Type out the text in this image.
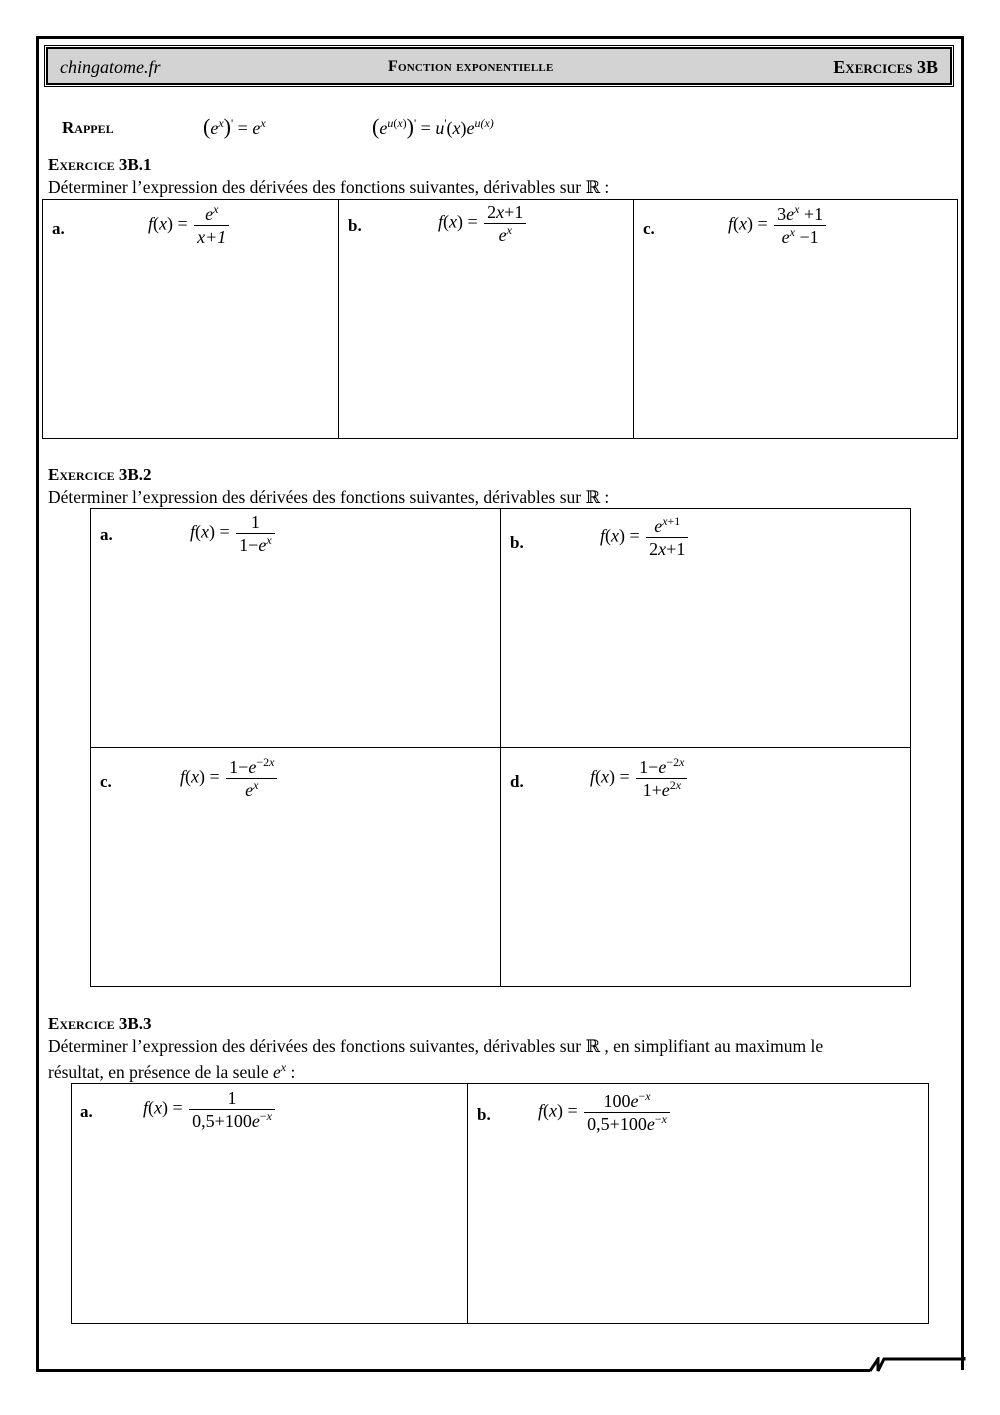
chingatome.fr	Fonction exponentielle	Exercices 3B
Rappel	$(e^x)' = e^x$	$(e^{u(x)})' = u'(x)e^{u(x)}$
Exercice 3B.1
Déterminer l’expression des dérivées des fonctions suivantes, dérivables sur ℝ :
a.	$f(x) = \frac{e^x}{x+1}$	b.	$f(x) = \frac{2x+1}{e^x}$	c.	$f(x) = \frac{3e^x +1}{e^x -1}$
Exercice 3B.2
Déterminer l’expression des dérivées des fonctions suivantes, dérivables sur ℝ :
a.	$f(x) = \frac{1}{1-e^x}$	b.	$f(x) = \frac{e^{x+1}}{2x+1}$
c.	$f(x) = \frac{1-e^{-2x}}{e^x}$	d.	$f(x) = \frac{1-e^{-2x}}{1+e^{2x}}$
Exercice 3B.3
Déterminer l’expression des dérivées des fonctions suivantes, dérivables sur ℝ , en simplifiant au maximum le
résultat, en présence de la seule $e^x$ :
a.	$f(x) = \frac{1}{0,5+100e^{-x}}$	b.	$f(x) = \frac{100e^{-x}}{0,5+100e^{-x}}$
